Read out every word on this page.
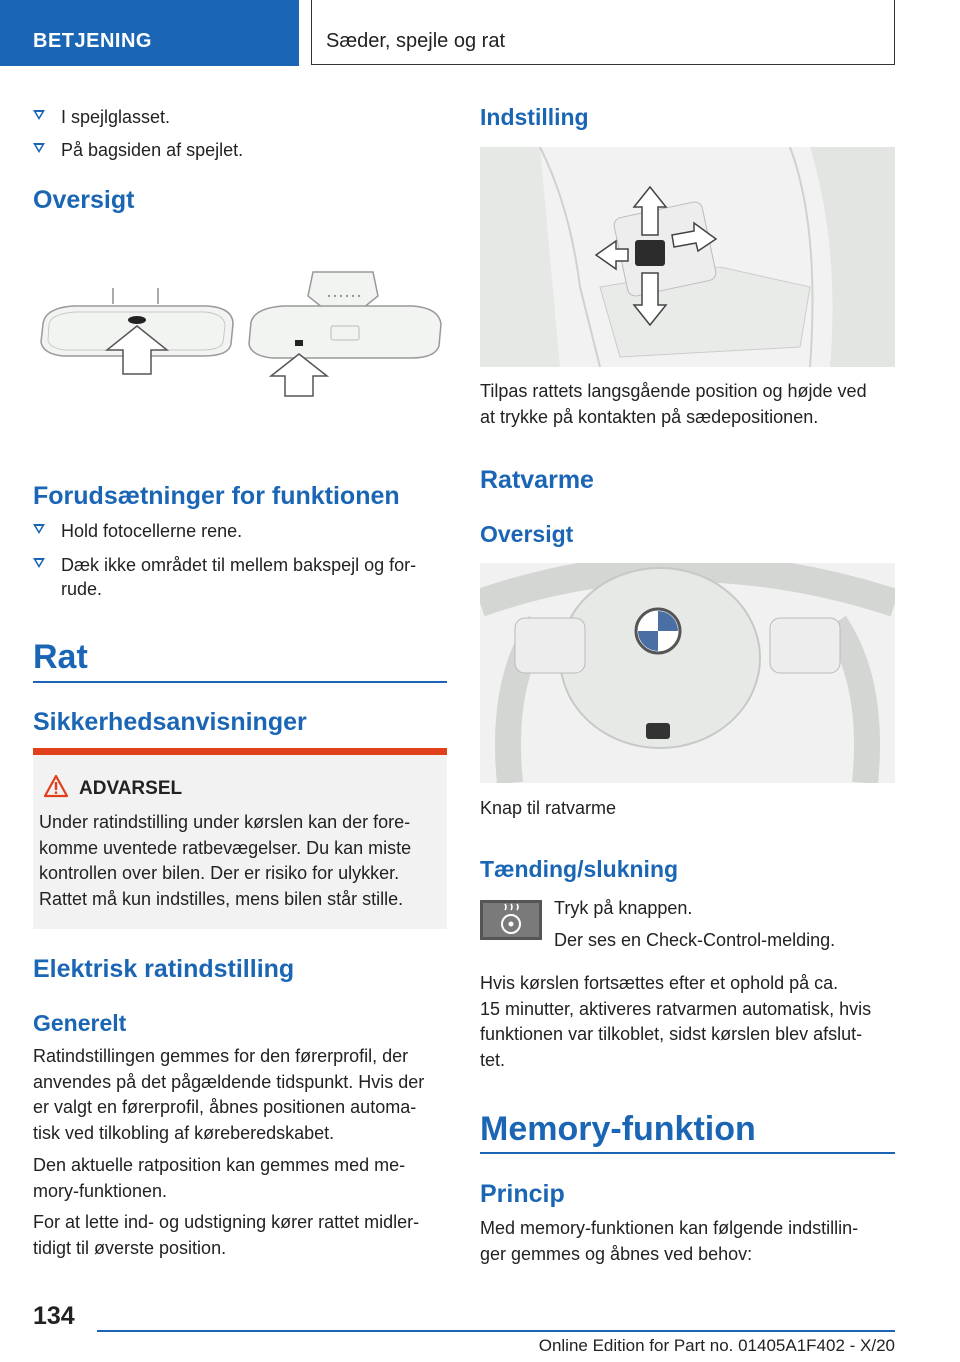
BETJENING	Sæder, spejle og rat
I spejlglasset.
På bagsiden af spejlet.
Oversigt
Forudsætninger for funktionen
Hold fotocellerne rene.
Dæk ikke området til mellem bakspejl og for-
rude.
Rat
Sikkerhedsanvisninger
ADVARSEL
Under ratindstilling under kørslen kan der fore-
komme uventede ratbevægelser. Du kan miste
kontrollen over bilen. Der er risiko for ulykker.
Rattet må kun indstilles, mens bilen står stille.
Elektrisk ratindstilling
Generelt
Ratindstillingen gemmes for den førerprofil, der
anvendes på det pågældende tidspunkt. Hvis der
er valgt en førerprofil, åbnes positionen automa-
tisk ved tilkobling af køreberedskabet.
Den aktuelle ratposition kan gemmes med me-
mory-funktionen.
For at lette ind- og udstigning kører rattet midler-
tidigt til øverste position.
Indstilling
Tilpas rattets langsgående position og højde ved
at trykke på kontakten på sædepositionen.
Ratvarme
Oversigt
Knap til ratvarme
Tænding/slukning
Tryk på knappen.
Der ses en Check-Control-melding.
Hvis kørslen fortsættes efter et ophold på ca.
15 minutter, aktiveres ratvarmen automatisk, hvis
funktionen var tilkoblet, sidst kørslen blev afslut-
tet.
Memory-funktion
Princip
Med memory-funktionen kan følgende indstillin-
ger gemmes og åbnes ved behov:
134
Online Edition for Part no. 01405A1F402 - X/20
